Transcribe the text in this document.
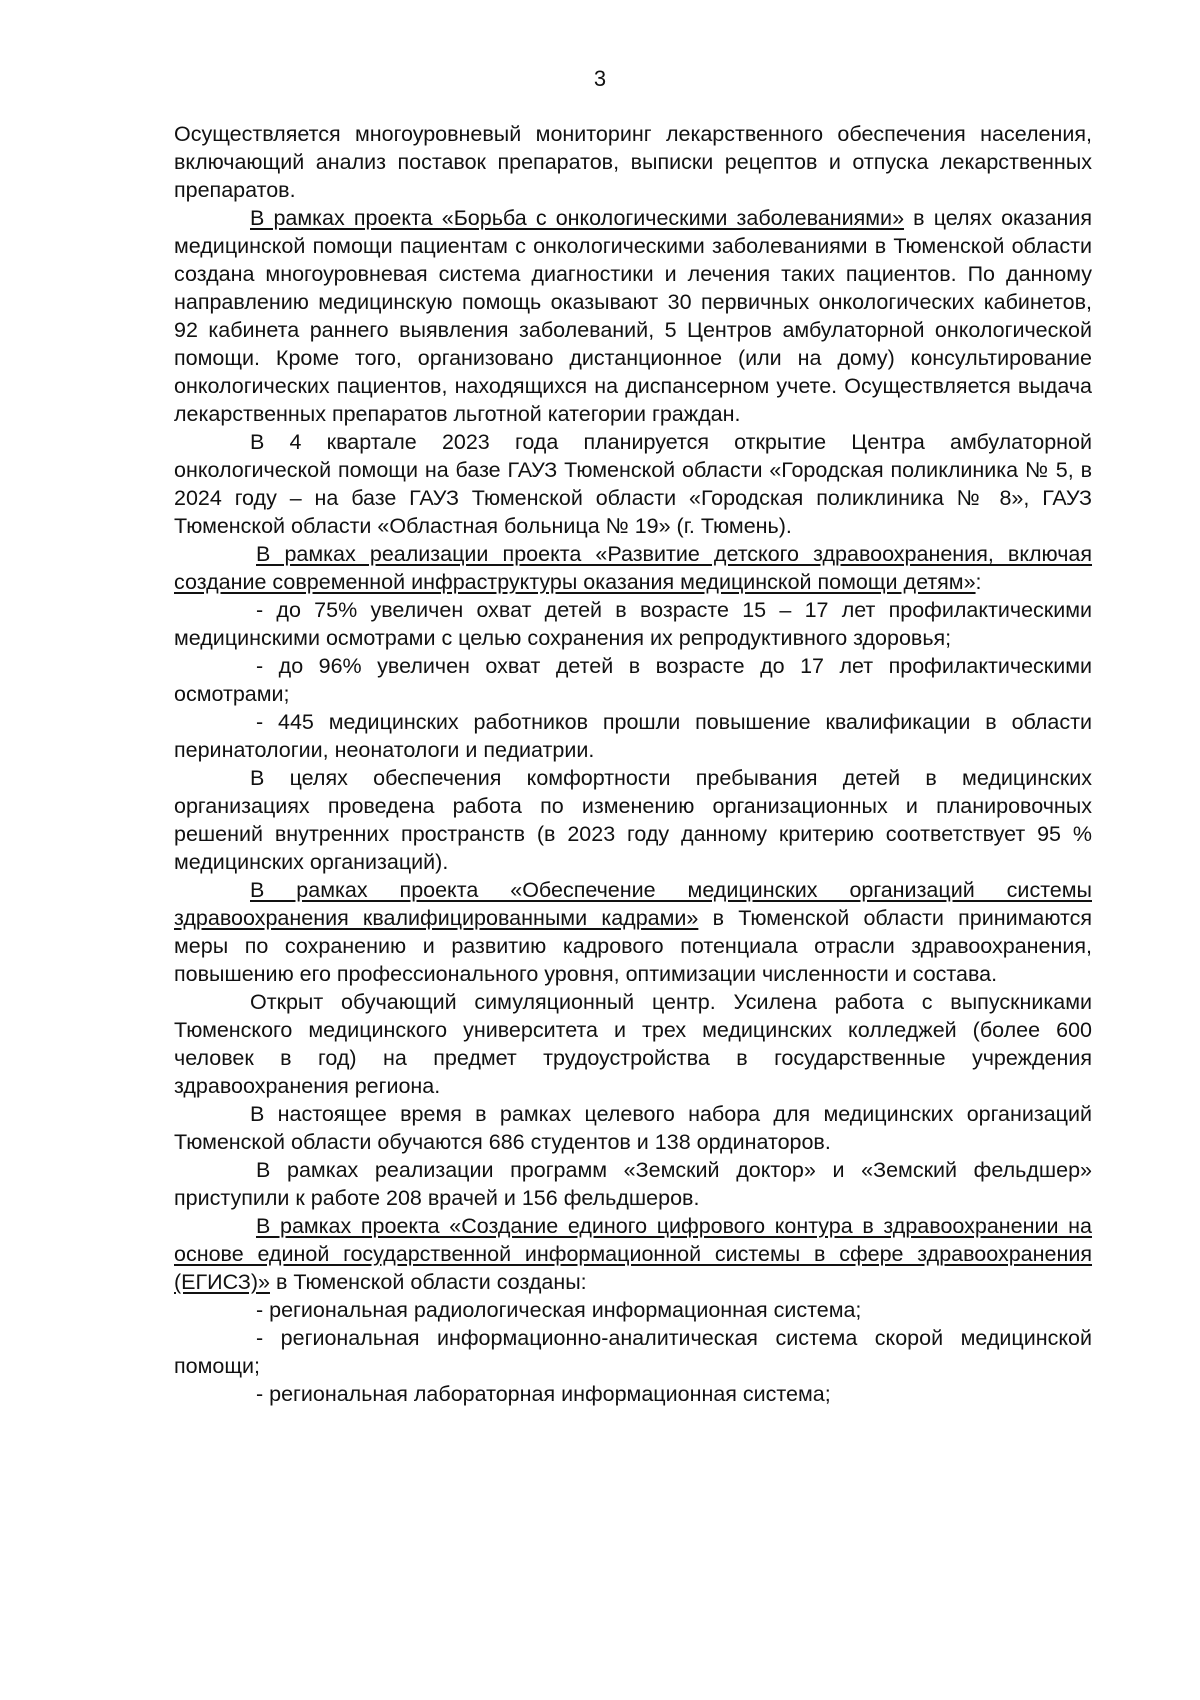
3

Осуществляется многоуровневый мониторинг лекарственного обеспечения населения, включающий анализ поставок препаратов, выписки рецептов и отпуска лекарственных препаратов.

В рамках проекта «Борьба с онкологическими заболеваниями» в целях оказания медицинской помощи пациентам с онкологическими заболеваниями в Тюменской области создана многоуровневая система диагностики и лечения таких пациентов. По данному направлению медицинскую помощь оказывают 30 первичных онкологических кабинетов, 92 кабинета раннего выявления заболеваний, 5 Центров амбулаторной онкологической помощи. Кроме того, организовано дистанционное (или на дому) консультирование онкологических пациентов, находящихся на диспансерном учете. Осуществляется выдача лекарственных препаратов льготной категории граждан.

В 4 квартале 2023 года планируется открытие Центра амбулаторной онкологической помощи на базе ГАУЗ Тюменской области «Городская поликлиника № 5, в 2024 году – на базе ГАУЗ Тюменской области «Городская поликлиника № 8», ГАУЗ Тюменской области «Областная больница № 19» (г. Тюмень).

В рамках реализации проекта «Развитие детского здравоохранения, включая создание современной инфраструктуры оказания медицинской помощи детям»:

- до 75% увеличен охват детей в возрасте 15 – 17 лет профилактическими медицинскими осмотрами с целью сохранения их репродуктивного здоровья;

- до 96% увеличен охват детей в возрасте до 17 лет профилактическими осмотрами;

- 445 медицинских работников прошли повышение квалификации в области перинатологии, неонатологи и педиатрии.

В целях обеспечения комфортности пребывания детей в медицинских организациях проведена работа по изменению организационных и планировочных решений внутренних пространств (в 2023 году данному критерию соответствует 95 % медицинских организаций).

В рамках проекта «Обеспечение медицинских организаций системы здравоохранения квалифицированными кадрами» в Тюменской области принимаются меры по сохранению и развитию кадрового потенциала отрасли здравоохранения, повышению его профессионального уровня, оптимизации численности и состава.

Открыт обучающий симуляционный центр. Усилена работа с выпускниками Тюменского медицинского университета и трех медицинских колледжей (более 600 человек в год) на предмет трудоустройства в государственные учреждения здравоохранения региона.

В настоящее время в рамках целевого набора для медицинских организаций Тюменской области обучаются 686 студентов и 138 ординаторов.

В рамках реализации программ «Земский доктор» и «Земский фельдшер» приступили к работе 208 врачей и 156 фельдшеров.

В рамках проекта «Создание единого цифрового контура в здравоохранении на основе единой государственной информационной системы в сфере здравоохранения (ЕГИСЗ)» в Тюменской области созданы:

- региональная радиологическая информационная система;

- региональная информационно-аналитическая система скорой медицинской помощи;

- региональная лабораторная информационная система;
